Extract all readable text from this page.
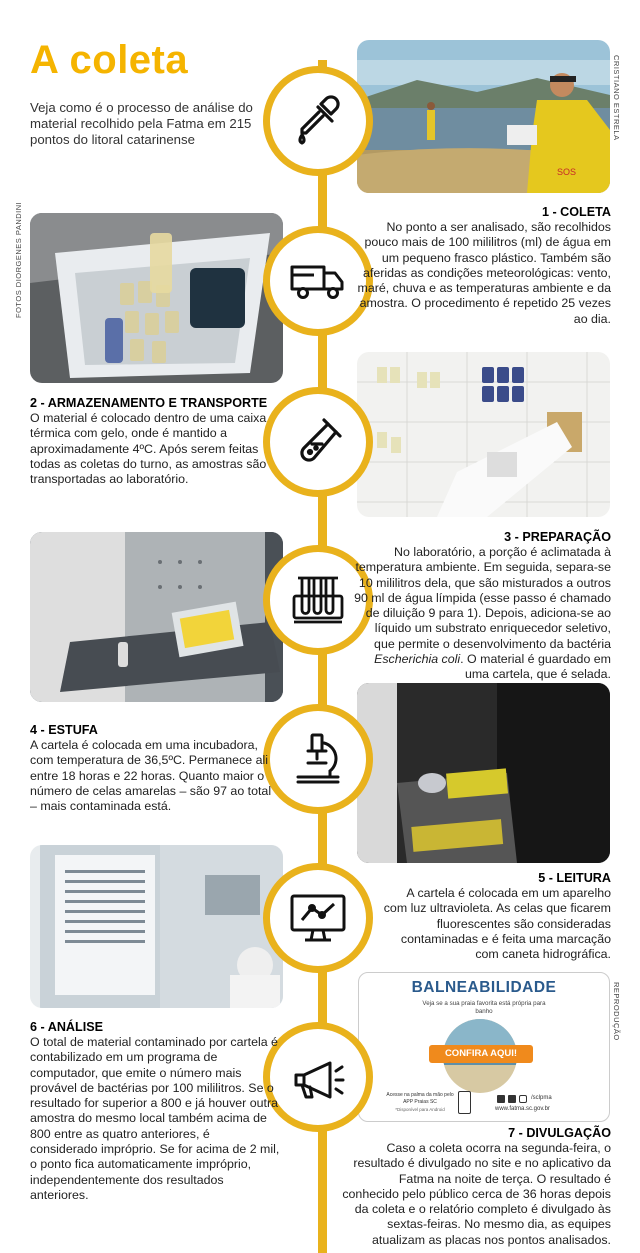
A coleta
Veja como é o processo de análise do material recolhido pela Fatma em 215 pontos do litoral catarinense	CRISTIANO ESTRELA
FOTOS DIORGENES PANDINI
REPRODUÇÃO
SOS
BALNEABILIDADE
Veja se a sua praia favorita está própria para banho
CONFIRA AQUI!
Acesse na palma da mão pelo APP Praias SC
*Disponível para Android
/sclpma
www.fatma.sc.gov.br
1 - COLETA

No ponto a ser analisado, são recolhidos pouco mais de 100 mililitros (ml) de água em um pequeno frasco plástico. Também são aferidas as condições meteorológicas: vento, maré, chuva e as temperaturas ambiente e da amostra. O procedimento é repetido 25 vezes ao dia.

2 - ARMAZENAMENTO E TRANSPORTE

O material é colocado dentro de uma caixa térmica com gelo, onde é mantido a aproximadamente 4ºC. Após serem feitas todas as coletas do turno, as amostras são transportadas ao laboratório.

3 - PREPARAÇÃO

No laboratório, a porção é aclimatada à temperatura ambiente. Em seguida, separa-se 10 mililitros dela, que são misturados a outros 90 ml de água límpida (esse passo é chamado de diluição 9 para 1). Depois, adiciona-se ao líquido um substrato enriquecedor seletivo, que permite o desenvolvimento da bactéria Escherichia coli. O material é guardado em uma cartela, que é selada.

4 - ESTUFA

A cartela é colocada em uma incubadora, com temperatura de 36,5ºC. Permanece ali entre 18 horas e 22 horas. Quanto maior o número de celas amarelas – são 97 ao total – mais contaminada está.

5 - LEITURA

A cartela é colocada em um aparelho com luz ultravioleta. As celas que ficarem fluorescentes são consideradas contaminadas e é feita uma marcação com caneta hidrográfica.

6 - ANÁLISE

O total de material contaminado por cartela é contabilizado em um programa de computador, que emite o número mais provável de bactérias por 100 mililitros. Se o resultado for superior a 800 e já houver outra amostra do mesmo local também acima de 800 entre as quatro anteriores, é considerado impróprio. Se for acima de 2 mil, o ponto fica automaticamente impróprio, independentemente dos resultados anteriores.

7 - DIVULGAÇÃO

Caso a coleta ocorra na segunda-feira, o resultado é divulgado no site e no aplicativo da Fatma na noite de terça. O resultado é conhecido pelo público cerca de 36 horas depois da coleta e o relatório completo é divulgado às sextas-feiras. No mesmo dia, as equipes atualizam as placas nos pontos analisados.
